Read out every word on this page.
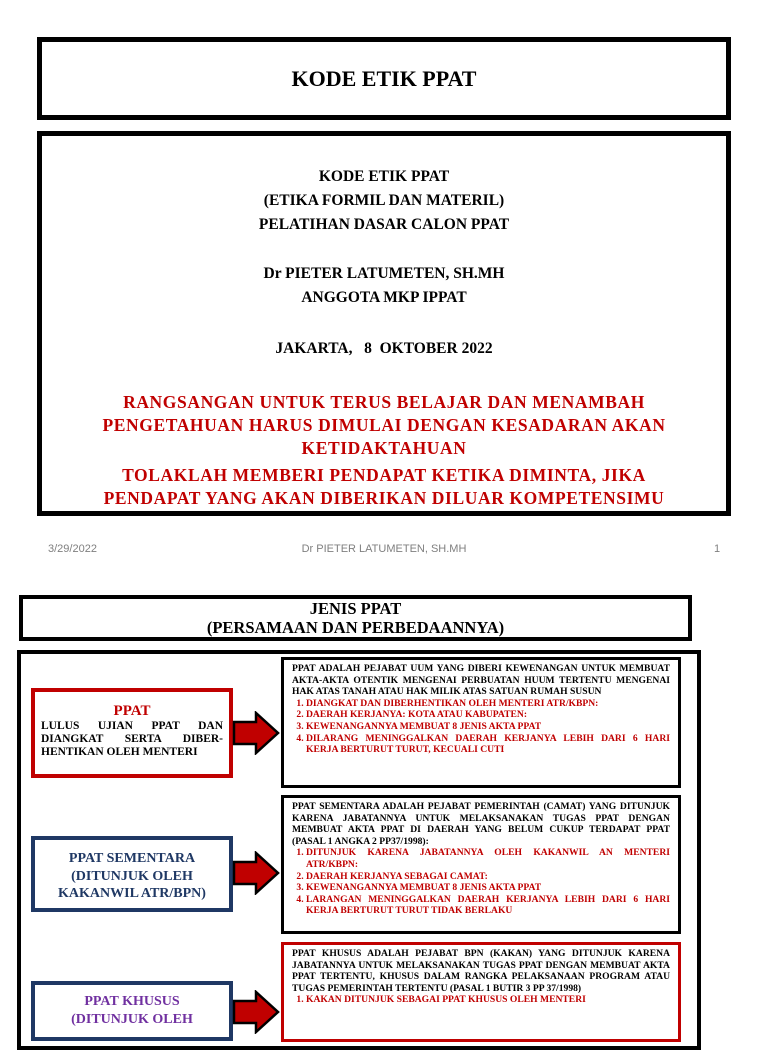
KODE ETIK PPAT
KODE ETIK PPAT
(ETIKA FORMIL DAN MATERIL)
PELATIHAN DASAR CALON PPAT
Dr PIETER LATUMETEN, SH.MH
ANGGOTA MKP IPPAT
JAKARTA,   8  OKTOBER 2022
RANGSANGAN UNTUK TERUS BELAJAR DAN MENAMBAH
PENGETAHUAN HARUS DIMULAI DENGAN KESADARAN AKAN
KETIDAKTAHUAN
TOLAKLAH MEMBERI PENDAPAT KETIKA DIMINTA, JIKA
PENDAPAT YANG AKAN DIBERIKAN DILUAR KOMPETENSIMU
3/29/2022	Dr PIETER LATUMETEN, SH.MH	1
JENIS PPAT
(PERSAMAAN DAN PERBEDAANNYA)
PPAT
LULUS UJIAN PPAT DAN DIANGKAT SERTA DIBER-HENTIKAN OLEH MENTERI

PPAT ADALAH PEJABAT UUM YANG DIBERI KEWENANGAN UNTUK MEMBUAT AKTA-AKTA OTENTIK MENGENAI PERBUATAN HUUM TERTENTU MENGENAI HAK ATAS TANAH ATAU HAK MILIK ATAS SATUAN RUMAH SUSUN

1. DIANGKAT DAN DIBERHENTIKAN OLEH MENTERI ATR/KBPN:
2. DAERAH KERJANYA: KOTA ATAU KABUPATEN:
3. KEWENANGANNYA MEMBUAT 8 JENIS AKTA PPAT
4. DILARANG MENINGGALKAN DAERAH KERJANYA LEBIH DARI 6 HARI KERJA BERTURUT TURUT, KECUALI CUTI
PPAT SEMENTARA (DITUNJUK OLEH KAKANWIL ATR/BPN)

PPAT SEMENTARA ADALAH PEJABAT PEMERINTAH (CAMAT) YANG DITUNJUK KARENA JABATANNYA UNTUK MELAKSANAKAN TUGAS PPAT DENGAN MEMBUAT AKTA PPAT DI DAERAH YANG BELUM CUKUP TERDAPAT PPAT (PASAL 1 ANGKA 2 PP37/1998):

1. DITUNJUK KARENA JABATANNYA OLEH KAKANWIL AN MENTERI ATR/KBPN:
2. DAERAH KERJANYA SEBAGAI CAMAT:
3. KEWENANGANNYA MEMBUAT 8 JENIS AKTA PPAT
4. LARANGAN MENINGGALKAN DAERAH KERJANYA LEBIH DARI 6 HARI KERJA BERTURUT TURUT TIDAK BERLAKU
PPAT KHUSUS (DITUNJUK OLEH

PPAT KHUSUS ADALAH PEJABAT BPN (KAKAN) YANG DITUNJUK KARENA JABATANNYA UNTUK MELAKSANAKAN TUGAS PPAT DENGAN MEMBUAT AKTA PPAT TERTENTU, KHUSUS DALAM RANGKA PELAKSANAAN PROGRAM ATAU TUGAS PEMERINTAH TERTENTU (PASAL 1 BUTIR 3 PP 37/1998)

1. KAKAN DITUNJUK SEBAGAI PPAT KHUSUS OLEH MENTERI
